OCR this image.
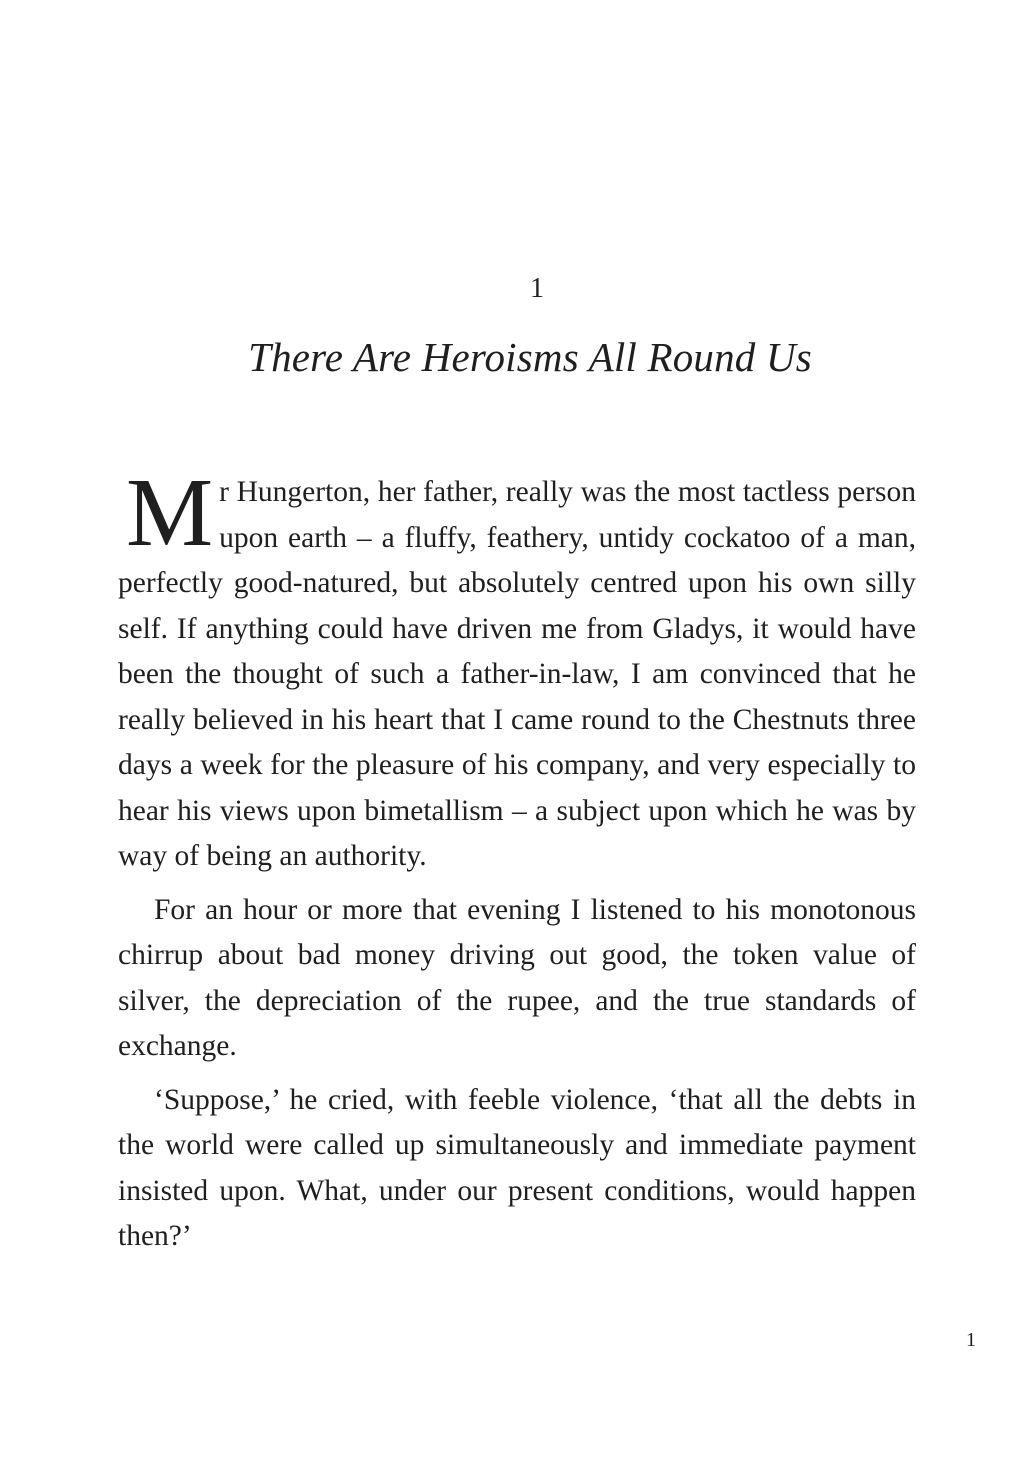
1
There Are Heroisms All Round Us

Mr Hungerton, her father, really was the most tactless person upon earth – a fluffy, feathery, untidy cockatoo of a man, perfectly good-natured, but absolutely centred upon his own silly self. If anything could have driven me from Gladys, it would have been the thought of such a father-in-law, I am convinced that he really believed in his heart that I came round to the Chestnuts three days a week for the pleasure of his company, and very especially to hear his views upon bimetallism – a subject upon which he was by way of being an authority.

For an hour or more that evening I listened to his monotonous chirrup about bad money driving out good, the token value of silver, the depreciation of the rupee, and the true standards of exchange.

‘Suppose,’ he cried, with feeble violence, ‘that all the debts in the world were called up simultaneously and immediate payment insisted upon. What, under our present conditions, would happen then?’

1
